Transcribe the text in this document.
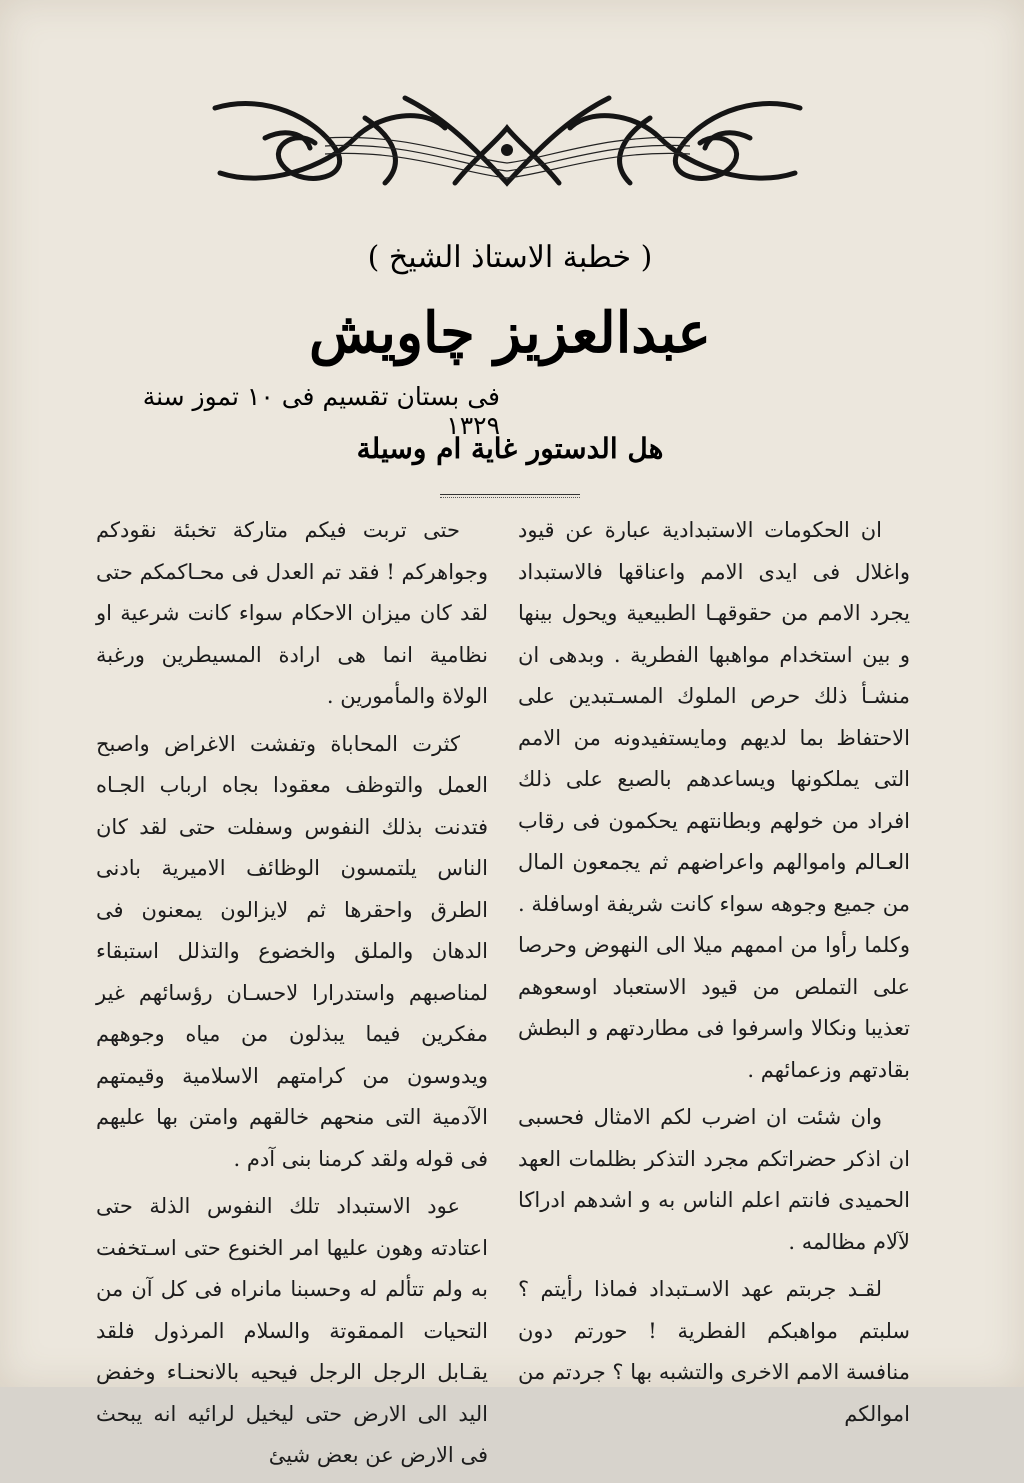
( خطبة الاستاذ الشيخ )
عبدالعزيز چاويش
فى بستان تقسيم فى ١٠ تموز سنة ١٣٢٩
هل الدستور غاية ام وسيلة

ان الحكومات الاستبدادية عبارة عن قيود واغلال فى ايدى الامم واعناقها فالاستبداد يجرد الامم من حقوقهـا الطبيعية ويحول بينها و بين استخدام مواهبها الفطرية . وبدهى ان منشـأ ذلك حرص الملوك المسـتبدين على الاحتفاظ بما لديهم ومايستفيدونه من الامم التى يملكونها ويساعدهم بالصبع على ذلك افراد من خولهم وبطانتهم يحكمون فى رقاب العـالم واموالهم واعراضهم ثم يجمعون المال من جميع وجوهه سواء كانت شريفة اوسافلة . وكلما رأوا من اممهم ميلا الى النهوض وحرصا على التملص من قيود الاستعباد اوسعوهم تعذيبا ونكالا واسرفوا فى مطاردتهم و البطش بقادتهم وزعمائهم .

وان شئت ان اضرب لكم الامثال فحسبى ان اذكر حضراتكم مجرد التذكر بظلمات العهد الحميدى فانتم اعلم الناس به و اشدهم ادراكا لآلام مظالمه .

لقـد جربتم عهد الاسـتبداد فماذا رأيتم ؟ سلبتم مواهبكم الفطرية ! حورتم دون منافسة الامم الاخرى والتشبه بها ؟ جردتم من اموالكم

حتى تربت فيكم متاركة تخبئة نقودكم وجواهركم ! فقد تم العدل فى محـاكمكم حتى لقد كان ميزان الاحكام سواء كانت شرعية او نظامية انما هى ارادة المسيطرين ورغبة الولاة والمأمورين .

كثرت المحاباة وتفشت الاغراض واصبح العمل والتوظف معقودا بجاه ارباب الجـاه فتدنت بذلك النفوس وسفلت حتى لقد كان الناس يلتمسون الوظائف الاميرية بادنى الطرق واحقرها ثم لايزالون يمعنون فى الدهان والملق والخضوع والتذلل استبقاء لمناصبهم واستدرارا لاحسـان رؤسائهم غير مفكرين فيما يبذلون من مياه وجوههم ويدوسون من كرامتهم الاسلامية وقيمتهم الآدمية التى منحهم خالقهم وامتن بها عليهم فى قوله ولقد كرمنا بنى آدم .

عود الاستبداد تلك النفوس الذلة حتى اعتادته وهون عليها امر الخنوع حتى اسـتخفت به ولم تتألم له وحسبنا مانراه فى كل آن من التحيات الممقوتة والسلام المرذول فلقد يقـابل الرجل الرجل فيحيه بالانحنـاء وخفض اليد الى الارض حتى ليخيل لرائيه انه يبحث فى الارض عن بعض شيئ
